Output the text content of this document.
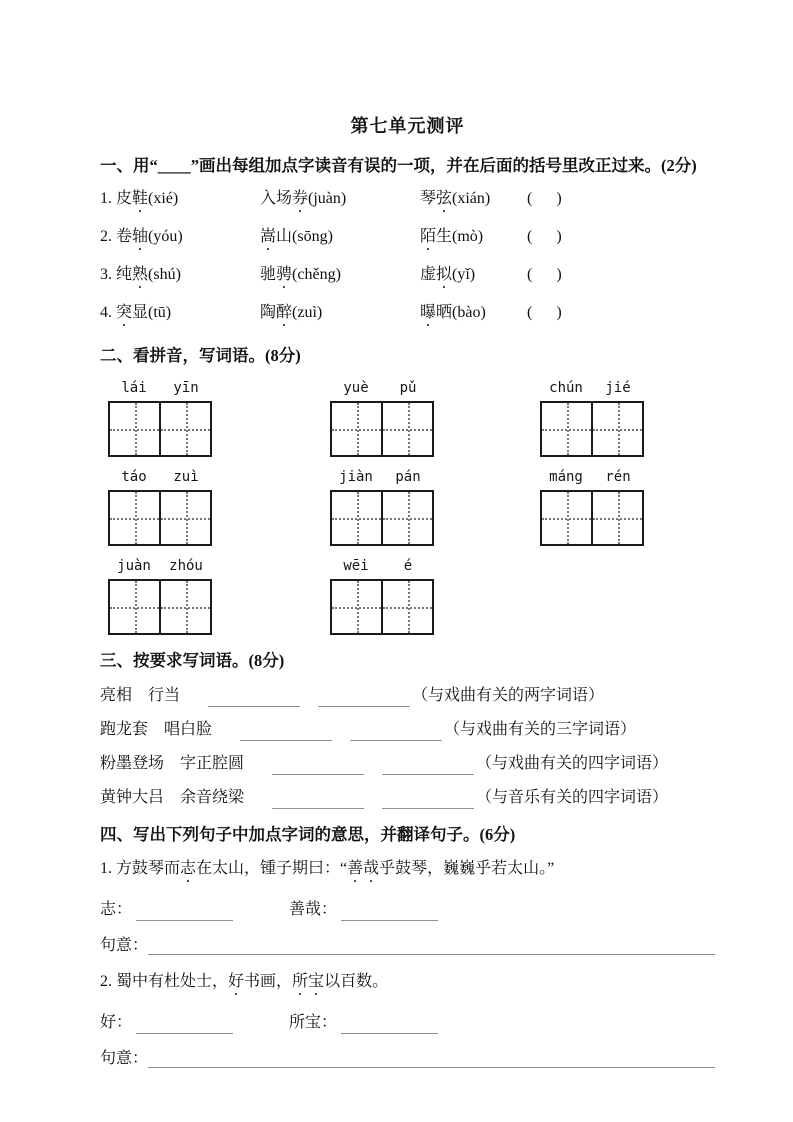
第七单元测评
一、用“____”画出每组加点字读音有误的一项，并在后面的括号里改正过来。(2分)
1. 皮鞋(xié)	入场券(juàn)	琴弦(xián)	(      )
2. 卷轴(yóu)	嵩山(sōng)	陌生(mò)	(      )
3. 纯熟(shú)	驰骋(chěng)	虚拟(yǐ)	(      )
4. 突显(tū)	陶醉(zuì)	曝晒(bào)	(      )
二、看拼音，写词语。(8分)
lái	yīn	yuè	pǔ	chún	jié
táo	zuì	jiàn	pán	máng	rén
juàn	zhóu	wēi	é
三、按要求写词语。(8分)
亮相　行当	（与戏曲有关的两字词语）
跑龙套　唱白脸	（与戏曲有关的三字词语）
粉墨登场　字正腔圆	（与戏曲有关的四字词语）
黄钟大吕　余音绕梁	（与音乐有关的四字词语）
四、写出下列句子中加点字词的意思，并翻译句子。(6分)
1. 方鼓琴而志在太山，锺子期曰：“善哉乎鼓琴，巍巍乎若太山。”
志：	善哉：
句意：
2. 蜀中有杜处士，好书画，所宝以百数。
好：	所宝：
句意：
